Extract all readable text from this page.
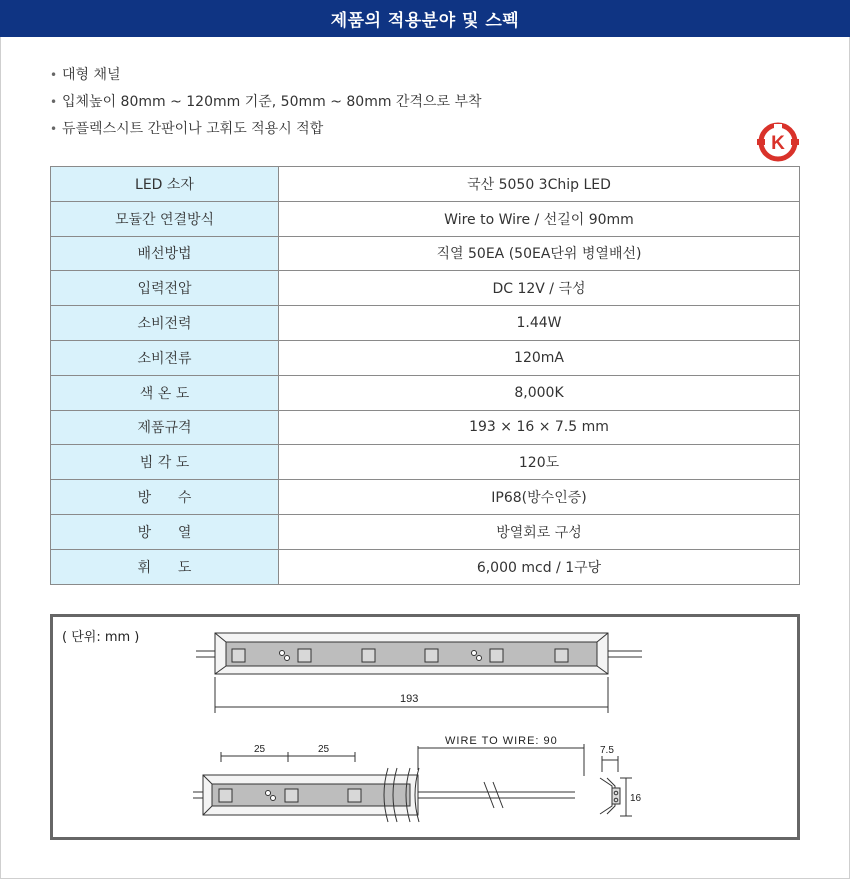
제품의 적용분야 및 스펙
• 대형 채널
• 입체높이 80mm ~ 120mm 기준, 50mm ~ 80mm 간격으로 부착
• 듀플렉스시트 간판이나 고휘도 적용시 적합
K
LED 소자	국산 5050 3Chip LED
모듈간 연결방식	Wire to Wire / 선길이 90mm
배선방법	직열 50EA (50EA단위 병열배선)
입력전압	DC 12V / 극성
소비전력	1.44W
소비전류	120mA
색 온 도	8,000K
제품규격	193 × 16 × 7.5 mm
빔 각 도	120도
방      수	IP68(방수인증)
방      열	방열회로 구성
휘      도	6,000 mcd / 1구당
( 단위: mm )
193
25	25
WIRE TO WIRE: 90
7.5
16
